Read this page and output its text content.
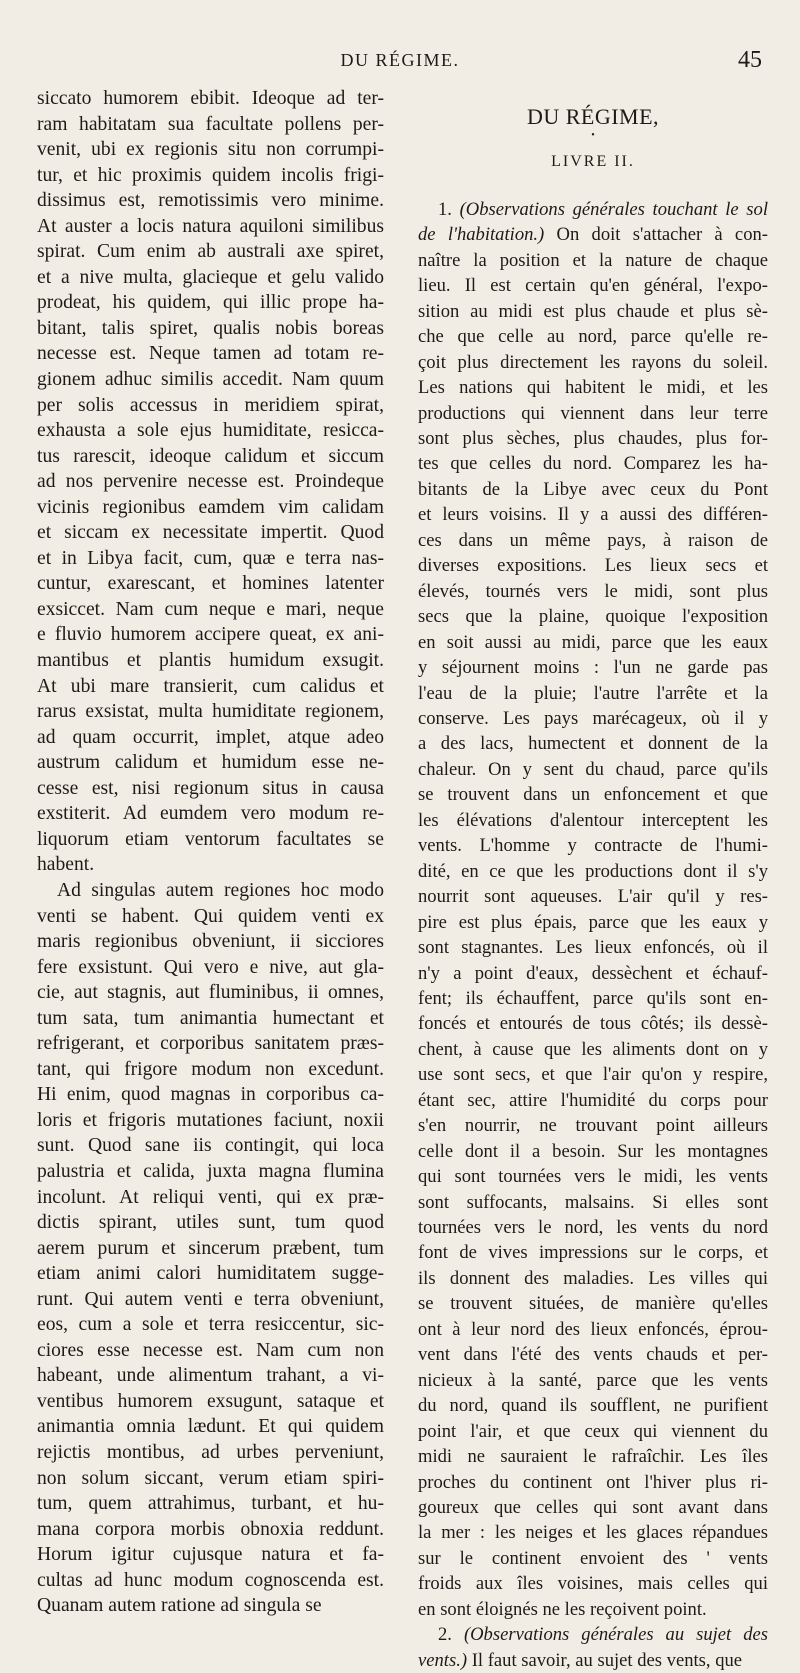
DU RÉGIME.	45
siccato humorem ebibit. Ideoque ad ter-
ram habitatam sua facultate pollens per-
venit, ubi ex regionis situ non corrumpi-
tur, et hic proximis quidem incolis frigi-
dissimus est, remotissimis vero minime.
At auster a locis natura aquiloni similibus
spirat. Cum enim ab australi axe spiret,
et a nive multa, glacieque et gelu valido
prodeat, his quidem, qui illic prope ha-
bitant, talis spiret, qualis nobis boreas
necesse est. Neque tamen ad totam re-
gionem adhuc similis accedit. Nam quum
per solis accessus in meridiem spirat,
exhausta a sole ejus humiditate, resicca-
tus rarescit, ideoque calidum et siccum
ad nos pervenire necesse est. Proindeque
vicinis regionibus eamdem vim calidam
et siccam ex necessitate impertit. Quod
et in Libya facit, cum, quæ e terra nas-
cuntur, exarescant, et homines latenter
exsiccet. Nam cum neque e mari, neque
e fluvio humorem accipere queat, ex ani-
mantibus et plantis humidum exsugit.
At ubi mare transierit, cum calidus et
rarus exsistat, multa humiditate regionem,
ad quam occurrit, implet, atque adeo
austrum calidum et humidum esse ne-
cesse est, nisi regionum situs in causa
exstiterit. Ad eumdem vero modum re-
liquorum etiam ventorum facultates se
habent.
Ad singulas autem regiones hoc modo
venti se habent. Qui quidem venti ex
maris regionibus obveniunt, ii sicciores
fere exsistunt. Qui vero e nive, aut gla-
cie, aut stagnis, aut fluminibus, ii omnes,
tum sata, tum animantia humectant et
refrigerant, et corporibus sanitatem præs-
tant, qui frigore modum non excedunt.
Hi enim, quod magnas in corporibus ca-
loris et frigoris mutationes faciunt, noxii
sunt. Quod sane iis contingit, qui loca
palustria et calida, juxta magna flumina
incolunt. At reliqui venti, qui ex præ-
dictis spirant, utiles sunt, tum quod
aerem purum et sincerum præbent, tum
etiam animi calori humiditatem sugge-
runt. Qui autem venti e terra obveniunt,
eos, cum a sole et terra resiccentur, sic-
ciores esse necesse est. Nam cum non
habeant, unde alimentum trahant, a vi-
ventibus humorem exsugunt, sataque et
animantia omnia lædunt. Et qui quidem
rejictis montibus, ad urbes perveniunt,
non solum siccant, verum etiam spiri-
tum, quem attrahimus, turbant, et hu-
mana corpora morbis obnoxia reddunt.
Horum igitur cujusque natura et fa-
cultas ad hunc modum cognoscenda est.
Quanam autem ratione ad singula se
DU RÉGIME,
•
LIVRE II.
1. (Observations générales touchant le sol
de l'habitation.) On doit s'attacher à con-
naître la position et la nature de chaque
lieu. Il est certain qu'en général, l'expo-
sition au midi est plus chaude et plus sè-
che que celle au nord, parce qu'elle re-
çoit plus directement les rayons du soleil.
Les nations qui habitent le midi, et les
productions qui viennent dans leur terre
sont plus sèches, plus chaudes, plus for-
tes que celles du nord. Comparez les ha-
bitants de la Libye avec ceux du Pont
et leurs voisins. Il y a aussi des différen-
ces dans un même pays, à raison de
diverses expositions. Les lieux secs et
élevés, tournés vers le midi, sont plus
secs que la plaine, quoique l'exposition
en soit aussi au midi, parce que les eaux
y séjournent moins : l'un ne garde pas
l'eau de la pluie; l'autre l'arrête et la
conserve. Les pays marécageux, où il y
a des lacs, humectent et donnent de la
chaleur. On y sent du chaud, parce qu'ils
se trouvent dans un enfoncement et que
les élévations d'alentour interceptent les
vents. L'homme y contracte de l'humi-
dité, en ce que les productions dont il s'y
nourrit sont aqueuses. L'air qu'il y res-
pire est plus épais, parce que les eaux y
sont stagnantes. Les lieux enfoncés, où il
n'y a point d'eaux, dessèchent et échauf-
fent; ils échauffent, parce qu'ils sont en-
foncés et entourés de tous côtés; ils dessè-
chent, à cause que les aliments dont on y
use sont secs, et que l'air qu'on y respire,
étant sec, attire l'humidité du corps pour
s'en nourrir, ne trouvant point ailleurs
celle dont il a besoin. Sur les montagnes
qui sont tournées vers le midi, les vents
sont suffocants, malsains. Si elles sont
tournées vers le nord, les vents du nord
font de vives impressions sur le corps, et
ils donnent des maladies. Les villes qui
se trouvent situées, de manière qu'elles
ont à leur nord des lieux enfoncés, éprou-
vent dans l'été des vents chauds et per-
nicieux à la santé, parce que les vents
du nord, quand ils soufflent, ne purifient
point l'air, et que ceux qui viennent du
midi ne sauraient le rafraîchir. Les îles
proches du continent ont l'hiver plus ri-
goureux que celles qui sont avant dans
la mer : les neiges et les glaces répandues
sur le continent envoient des ' vents
froids aux îles voisines, mais celles qui
en sont éloignés ne les reçoivent point.
2. (Observations générales au sujet des
vents.) Il faut savoir, au sujet des vents, que
